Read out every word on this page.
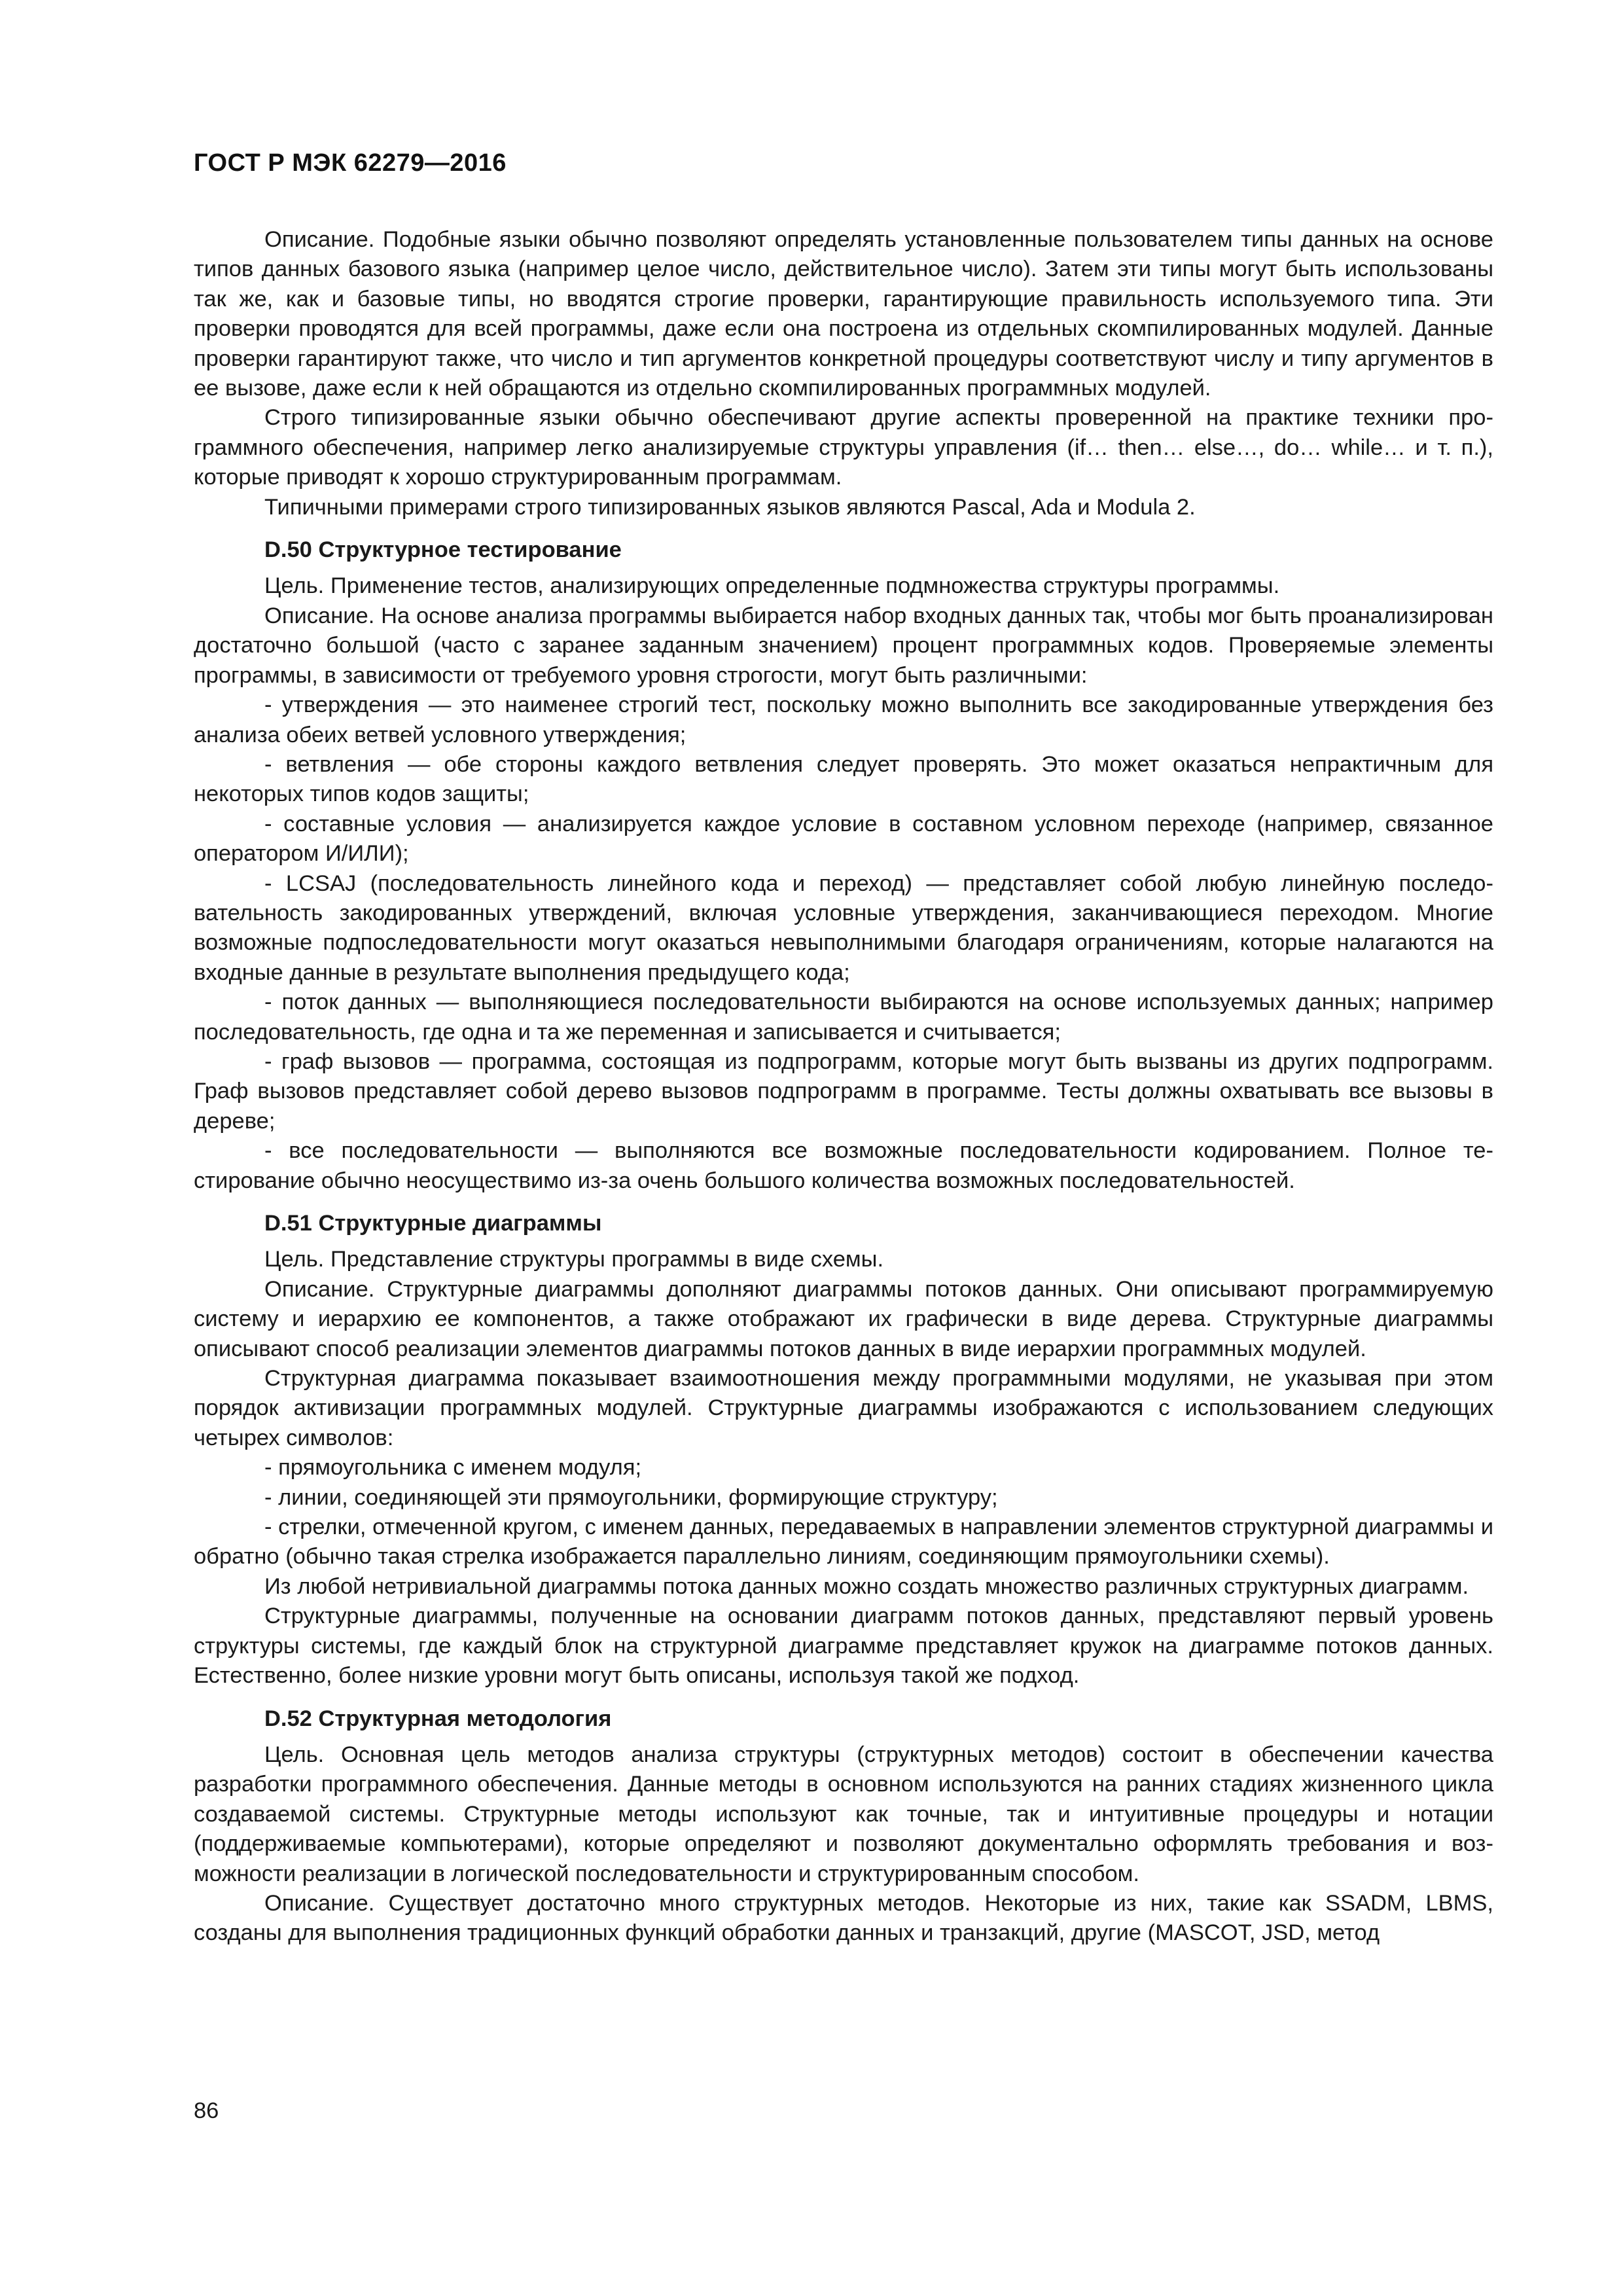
ГОСТ Р МЭК 62279—2016

Описание. Подобные языки обычно позволяют определять установленные пользователем типы данных на основе типов данных базового языка (например целое число, действительное число). Затем эти типы могут быть использованы так же, как и базовые типы, но вводятся строгие проверки, гарантирующие правильность используемого типа. Эти проверки проводятся для всей программы, даже если она построена из отдельных скомпилированных модулей. Данные проверки гарантируют также, что число и тип аргументов конкретной процедуры соответствуют числу и типу аргументов в ее вызове, даже если к ней обращаются из отдельно скомпилированных программных модулей.

Строго типизированные языки обычно обеспечивают другие аспекты проверенной на практике техники программного обеспечения, например легко анализируемые структуры управления (if… then… else…, do… while… и т. п.), которые приводят к хорошо структурированным программам.

Типичными примерами строго типизированных языков являются Pascal, Ada и Modula 2.

D.50 Структурное тестирование

Цель. Применение тестов, анализирующих определенные подмножества структуры программы.

Описание. На основе анализа программы выбирается набор входных данных так, чтобы мог быть проанализирован достаточно большой (часто с заранее заданным значением) процент программных кодов. Проверяемые элементы программы, в зависимости от требуемого уровня строгости, могут быть различными:

- утверждения — это наименее строгий тест, поскольку можно выполнить все закодированные утверждения без анализа обеих ветвей условного утверждения;

- ветвления — обе стороны каждого ветвления следует проверять. Это может оказаться непрактичным для некоторых типов кодов защиты;

- составные условия — анализируется каждое условие в составном условном переходе (например, связанное оператором И/ИЛИ);

- LCSAJ (последовательность линейного кода и переход) — представляет собой любую линейную последовательность закодированных утверждений, включая условные утверждения, заканчивающиеся переходом. Многие возможные подпоследовательности могут оказаться невыполнимыми благодаря ограничениям, которые налагаются на входные данные в результате выполнения предыдущего кода;

- поток данных — выполняющиеся последовательности выбираются на основе используемых данных; например последовательность, где одна и та же переменная и записывается и считывается;

- граф вызовов — программа, состоящая из подпрограмм, которые могут быть вызваны из других подпрограмм. Граф вызовов представляет собой дерево вызовов подпрограмм в программе. Тесты должны охватывать все вызовы в дереве;

- все последовательности — выполняются все возможные последовательности кодированием. Полное тестирование обычно неосуществимо из-за очень большого количества возможных последовательностей.

D.51 Структурные диаграммы

Цель. Представление структуры программы в виде схемы.

Описание. Структурные диаграммы дополняют диаграммы потоков данных. Они описывают программируемую систему и иерархию ее компонентов, а также отображают их графически в виде дерева. Структурные диаграммы описывают способ реализации элементов диаграммы потоков данных в виде иерархии программных модулей.

Структурная диаграмма показывает взаимоотношения между программными модулями, не указывая при этом порядок активизации программных модулей. Структурные диаграммы изображаются с использованием следующих четырех символов:

- прямоугольника с именем модуля;

- линии, соединяющей эти прямоугольники, формирующие структуру;

- стрелки, отмеченной кругом, с именем данных, передаваемых в направлении элементов структурной диаграммы и обратно (обычно такая стрелка изображается параллельно линиям, соединяющим прямоугольники схемы).

Из любой нетривиальной диаграммы потока данных можно создать множество различных структурных диаграмм.

Структурные диаграммы, полученные на основании диаграмм потоков данных, представляют первый уровень структуры системы, где каждый блок на структурной диаграмме представляет кружок на диаграмме потоков данных. Естественно, более низкие уровни могут быть описаны, используя такой же подход.

D.52 Структурная методология

Цель. Основная цель методов анализа структуры (структурных методов) состоит в обеспечении качества разработки программного обеспечения. Данные методы в основном используются на ранних стадиях жизненного цикла создаваемой системы. Структурные методы используют как точные, так и интуитивные процедуры и нотации (поддерживаемые компьютерами), которые определяют и позволяют документально оформлять требования и возможности реализации в логической последовательности и структурированным способом.

Описание. Существует достаточно много структурных методов. Некоторые из них, такие как SSADM, LBMS, созданы для выполнения традиционных функций обработки данных и транзакций, другие (MASCOT, JSD, метод

86
